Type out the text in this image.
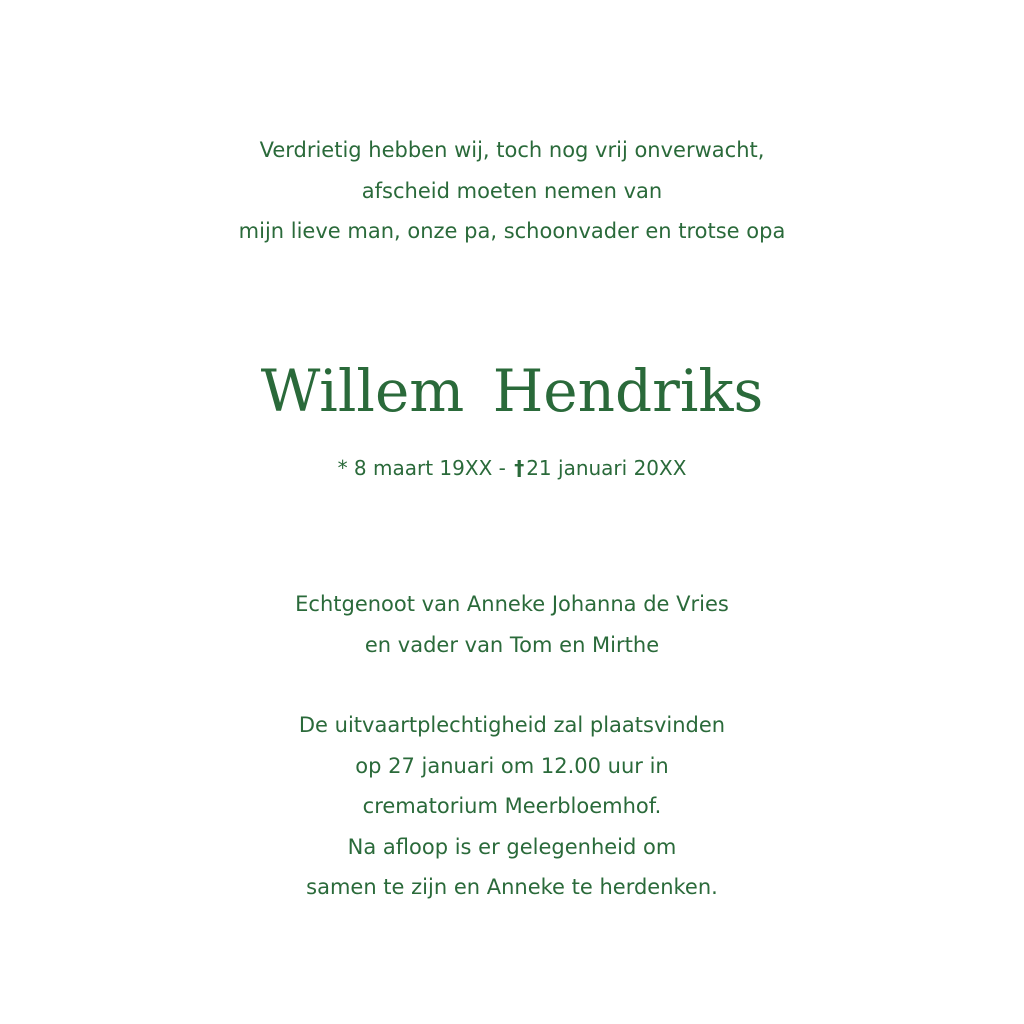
Verdrietig hebben wij, toch nog vrij onverwacht,
afscheid moeten nemen van
mijn lieve man, onze pa, schoonvader en trotse opa
Willem Hendriks
* 8 maart 19XX - † 21 januari 20XX
Echtgenoot van Anneke Johanna de Vries
en vader van Tom en Mirthe
De uitvaartplechtigheid zal plaatsvinden
op 27 januari om 12.00 uur in
crematorium Meerbloemhof.
Na afloop is er gelegenheid om
samen te zijn en Anneke te herdenken.
